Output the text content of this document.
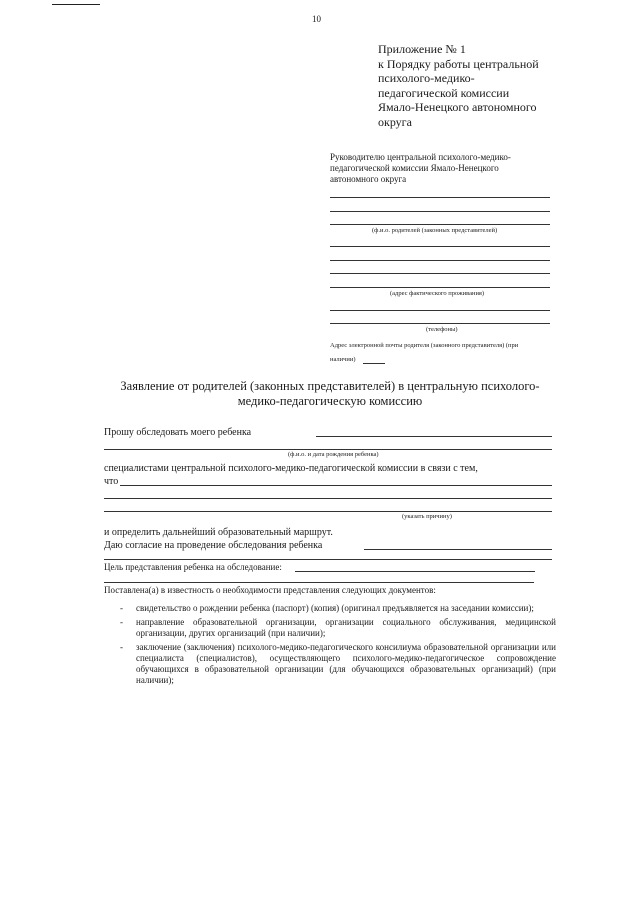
10
Приложение № 1
к Порядку работы центральной
психолого-медико-
педагогической комиссии
Ямало-Ненецкого автономного
округа
Руководителю центральной психолого-медико-
педагогической комиссии Ямало-Ненецкого
автономного округа
(ф.и.о. родителей (законных представителей)
(адрес фактического проживания)
(телефоны)
Адрес электронной почты родителя (законного представителя) (при
наличии)
Заявление от родителей (законных представителей) в центральную психолого-
медико-педагогическую комиссию
Прошу обследовать моего ребенка
(ф.и.о. и дата рождения ребенка)
специалистами центральной психолого-медико-педагогической комиссии в связи с тем,
что
(указать причину)
и определить дальнейший образовательный маршрут.
Даю согласие на проведение обследования ребенка
Цель представления ребенка на обследование:
Поставлена(а) в известность о необходимости представления следующих документов:
- свидетельство о рождении ребенка (паспорт) (копия) (оригинал предъявляется на заседании комиссии);
- направление образовательной организации, организации социального обслуживания, медицинской организации, других организаций (при наличии);
- заключение (заключения) психолого-медико-педагогического консилиума образовательной организации или специалиста (специалистов), осуществляющего психолого-медико-педагогическое сопровождение обучающихся в образовательной организации (для обучающихся образовательных организаций) (при наличии);
